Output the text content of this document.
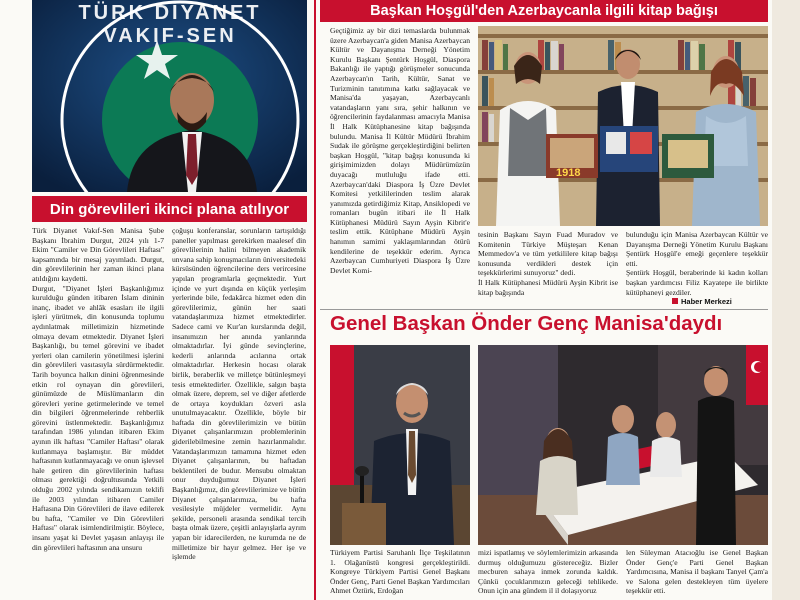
TÜRK DİYANET VAKIF-SEN
Din görevlileri ikinci plana atılıyor
Türk Diyanet Vakıf-Sen Manisa Şube Başkanı İbrahim Durgut, 2024 yılı 1-7 Ekim "Camiler ve Din Görevlileri Haftası" kapsamında bir mesaj yayımladı. Durgut, din görevlilerinin her zaman ikinci plana atıldığını kaydetti.
Durgut, "Diyanet İşleri Başkanlığımız kurulduğu günden itibaren İslam dininin inanç, ibadet ve ahlâk esasları ile ilgili işleri yürütmek, din konusunda toplumu aydınlatmak milletimizin hizmetinde olmaya devam etmektedir. Diyanet İşleri Başkanlığı, bu temel görevini ve ibadet yerleri olan camilerin yönetilmesi işlerini din görevlileri vasıtasıyla sürdürmektedir. Tarih boyunca halkın dinini öğrenmesinde etkin rol oynayan din görevlileri, günümüzde de Müslümanların din görevleri yerine getirmelerinde ve temel din bilgileri öğrenmelerinde rehberlik görevini üstlenmektedir. Başkanlığımız tarafından 1986 yılından itibaren Ekim ayının ilk haftası "Camiler Haftası" olarak kutlanmaya başlamıştır. Bir müddet haftasının kutlanmayacağı ve onun işlevsel hale getiren din görevlilerinin haftası olması gerektiği doğrultusunda Yetkili olduğu 2002 yılında sendikamızın teklifi ile 2003 yılından itibaren Camiler Haftasına Din Görevlileri de ilave edilerek bu hafta, "Camiler ve Din Görevlileri Haftası" olarak isimlendirilmiştir. Böylece, insanı yaşat ki Devlet yaşasın anlayışı ile din görevlileri haftasının ana unsuru
çoğuşu konferanslar, sorunların tartışıldığı paneller yapılması gerekirken maalesef din görevlilerinin halini bilmeyen akademik unvana sahip konuşmacıların üniversitedeki kürsüsünden öğrencilerine ders verircesine yapılan programlarla geçmektedir. Yurt içinde ve yurt dışında en küçük yerleşim yerlerinde bile, fedakârca hizmet eden din görevlilerimiz, günün her saati vatandaşlarımıza hizmet etmektedirler. Sadece cami ve Kur'an kurslarında değil, insanımızın her anında yanlarında olmaktadırlar. İyi günde sevinçlerine, kederli anlarında acılarına ortak olmaktadırlar. Herkesin hocası olarak birlik, beraberlik ve milletçe bütünleşmeyi tesis etmektedirler. Özellikle, salgın başta olmak üzere, deprem, sel ve diğer afetlerde de ortaya koydukları özveri asla unutulmayacaktır. Özellikle, böyle bir haftada din görevlilerimizin ve bütün Diyanet çalışanlarımızın problemlerinin giderilebilmesine zemin hazırlanmalıdır. Vatandaşlarımızın tamamına hizmet eden Diyanet çalışanlarının, bu haftadan beklentileri de budur. Mensubu olmaktan onur duyduğumuz Diyanet İşleri Başkanlığımız, din görevlilerimize ve bütün Diyanet çalışanlarımıza, bu hafta vesilesiyle müjdeler vermelidir. Aynı şekilde, personeli arasında sendikal tercih başta olmak üzere, çeşitli anlayışlarla ayrım yapan bir idarecilerden, ne kurumda ne de milletimize bir hayır gelmez. Her işe ve işlemde
Başkan Hoşgül'den Azerbaycanla ilgili kitap bağışı
Geçtiğimiz ay bir dizi temaslarda bulunmak üzere Azerbaycan'a giden Manisa Azerbaycan Kültür ve Dayanışma Derneği Yönetim Kurulu Başkanı Şentürk Hoşgül, Diaspora Bakanlığı ile yaptığı görüşmeler sonucunda Azerbaycan'ın Tarih, Kültür, Sanat ve Turizminin tanıtımına katkı sağlayacak ve Manisa'da yaşayan, Azerbaycanlı vatandaşların yanı sıra, şehir halkının ve öğrencilerinin faydalanması amacıyla Manisa İl Halk Kütüphanesine kitap bağışında bulundu. Manisa İl Kültür Müdürü İbrahim Sudak ile görüşme gerçekleştirdiğini belirten başkan Hoşgül, "kitap bağışı konusunda ki girişimimizden dolayı Müdürümüzün duyacağı mutluluğu ifade etti. Azerbaycan'daki Diaspora İş Üzre Devlet Komitesi yetkililerinden teslim alarak yanımızda getirdiğimiz Kitap, Ansiklopedi ve romanları bugün itibari ile İl Halk Kütüphanesi Müdürü Sayın Ayşin Kibrit'e teslim ettik. Kütüphane Müdürü Ayşin hanımın samimi yaklaşımlarından ötürü kendilerine de teşekkür ederim. Ayrıca Azerbaycan Cumhuriyeti Diaspora İş Üzre Devlet Komi-
1918
tesinin Başkanı Sayın Fuad Muradov ve Komitenin Türkiye Müşteşarı Kenan Memmedov'a ve tüm yetkililere kitap bağışı konusunda verdikleri destek için teşekkürlerimi sunuyoruz" dedi.
İl Halk Kütüphanesi Müdürü Ayşin Kibrit ise kitap bağışında
bulunduğu için Manisa Azerbaycan Kültür ve Dayanışma Derneği Yönetim Kurulu Başkanı Şentürk Hoşgül'e emeği geçenlere teşekkür etti.
Şentürk Hoşgül, beraberinde ki kadın kolları başkan yardımcısı Filiz Kayatepe ile birlikte kütüphaneyi gezdiler.
Haber Merkezi
Genel Başkan Önder Genç Manisa'daydı
Türkiyem Partisi Saruhanlı İlçe Teşkilatının 1. Olağanüstü kongresi gerçekleştirildi. Kongreye Türkiyem Partisi Genel Başkanı Önder Genç, Parti Genel Başkan Yardımcıları Ahmet Öztürk, Erdoğan
mizi ispatlamış ve söylemlerimizin arkasında durmuş olduğumuzu göstereceğiz. Bizler mecburen sahaya inmek zorunda kaldık. Çünkü çocuklarımızın geleceği tehlikede. Onun için ana gündem il il dolaşıyoruz
len Süleyman Atacıoğlu ise Genel Başkan Önder Genç'e Parti Genel Başkan Yardımcısına, Manisa il başkanı Tanyel Çam'a ve Salona gelen destekleyen tüm üyelere teşekkür etti.
